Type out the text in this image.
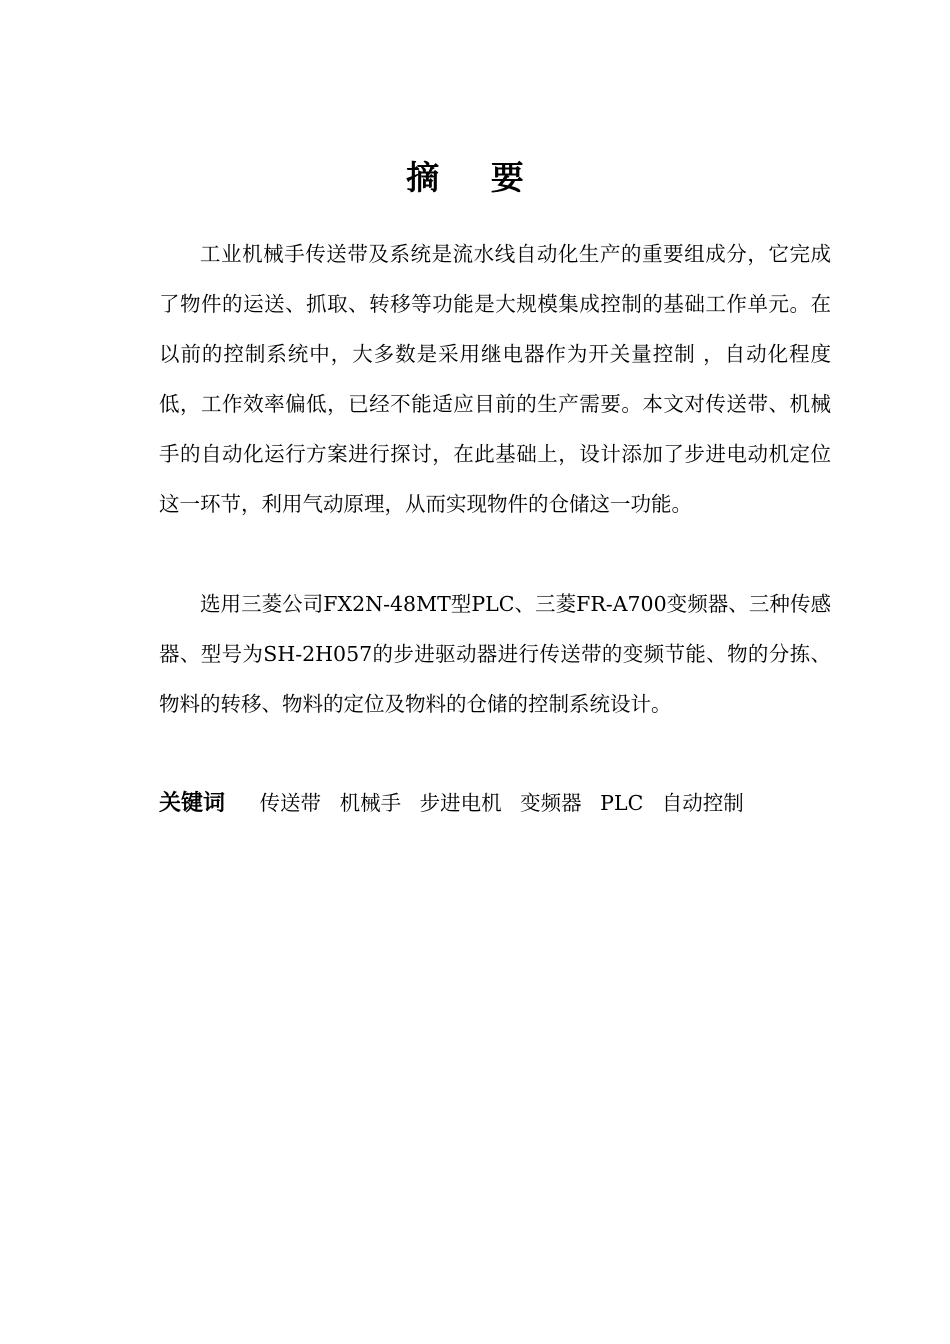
摘 要

工业机械手传送带及系统是流水线自动化生产的重要组成分，它完成了物件的运送、抓取、转移等功能是大规模集成控制的基础工作单元。在以前的控制系统中，大多数是采用继电器作为开关量控制 ，自动化程度低，工作效率偏低，已经不能适应目前的生产需要。本文对传送带、机械手的自动化运行方案进行探讨，在此基础上，设计添加了步进电动机定位这一环节，利用气动原理，从而实现物件的仓储这一功能。

选用三菱公司FX2N-48MT型PLC、三菱FR-A700变频器、三种传感器、型号为SH-2H057的步进驱动器进行传送带的变频节能、物的分拣、物料的转移、物料的定位及物料的仓储的控制系统设计。

关键词 传送带 机械手 步进电机 变频器 PLC 自动控制
